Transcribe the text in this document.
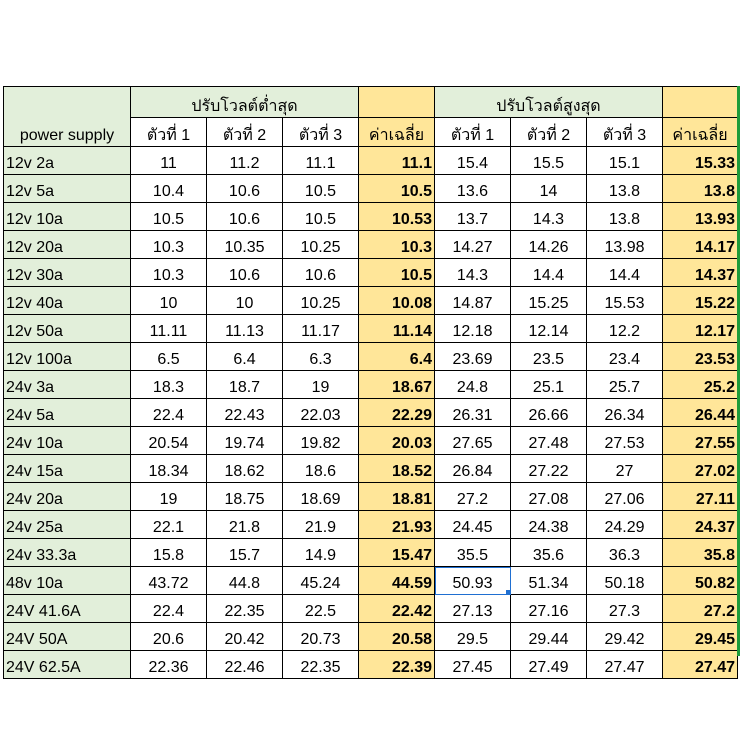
power supply	ปรับโวลต์ต่ำสุด				ปรับโวลต์สูงสุด			
	ตัวที่ 1	ตัวที่ 2	ตัวที่ 3	ค่าเฉลี่ย	ตัวที่ 1	ตัวที่ 2	ตัวที่ 3	ค่าเฉลี่ย
12v 2a	11	11.2	11.1	11.1	15.4	15.5	15.1	15.33
12v 5a	10.4	10.6	10.5	10.5	13.6	14	13.8	13.8
12v 10a	10.5	10.6	10.5	10.53	13.7	14.3	13.8	13.93
12v 20a	10.3	10.35	10.25	10.3	14.27	14.26	13.98	14.17
12v 30a	10.3	10.6	10.6	10.5	14.3	14.4	14.4	14.37
12v 40a	10	10	10.25	10.08	14.87	15.25	15.53	15.22
12v 50a	11.11	11.13	11.17	11.14	12.18	12.14	12.2	12.17
12v 100a	6.5	6.4	6.3	6.4	23.69	23.5	23.4	23.53
24v 3a	18.3	18.7	19	18.67	24.8	25.1	25.7	25.2
24v 5a	22.4	22.43	22.03	22.29	26.31	26.66	26.34	26.44
24v 10a	20.54	19.74	19.82	20.03	27.65	27.48	27.53	27.55
24v 15a	18.34	18.62	18.6	18.52	26.84	27.22	27	27.02
24v 20a	19	18.75	18.69	18.81	27.2	27.08	27.06	27.11
24v 25a	22.1	21.8	21.9	21.93	24.45	24.38	24.29	24.37
24v 33.3a	15.8	15.7	14.9	15.47	35.5	35.6	36.3	35.8
48v 10a	43.72	44.8	45.24	44.59	50.93	51.34	50.18	50.82
24V 41.6A	22.4	22.35	22.5	22.42	27.13	27.16	27.3	27.2
24V 50A	20.6	20.42	20.73	20.58	29.5	29.44	29.42	29.45
24V 62.5A	22.36	22.46	22.35	22.39	27.45	27.49	27.47	27.47
